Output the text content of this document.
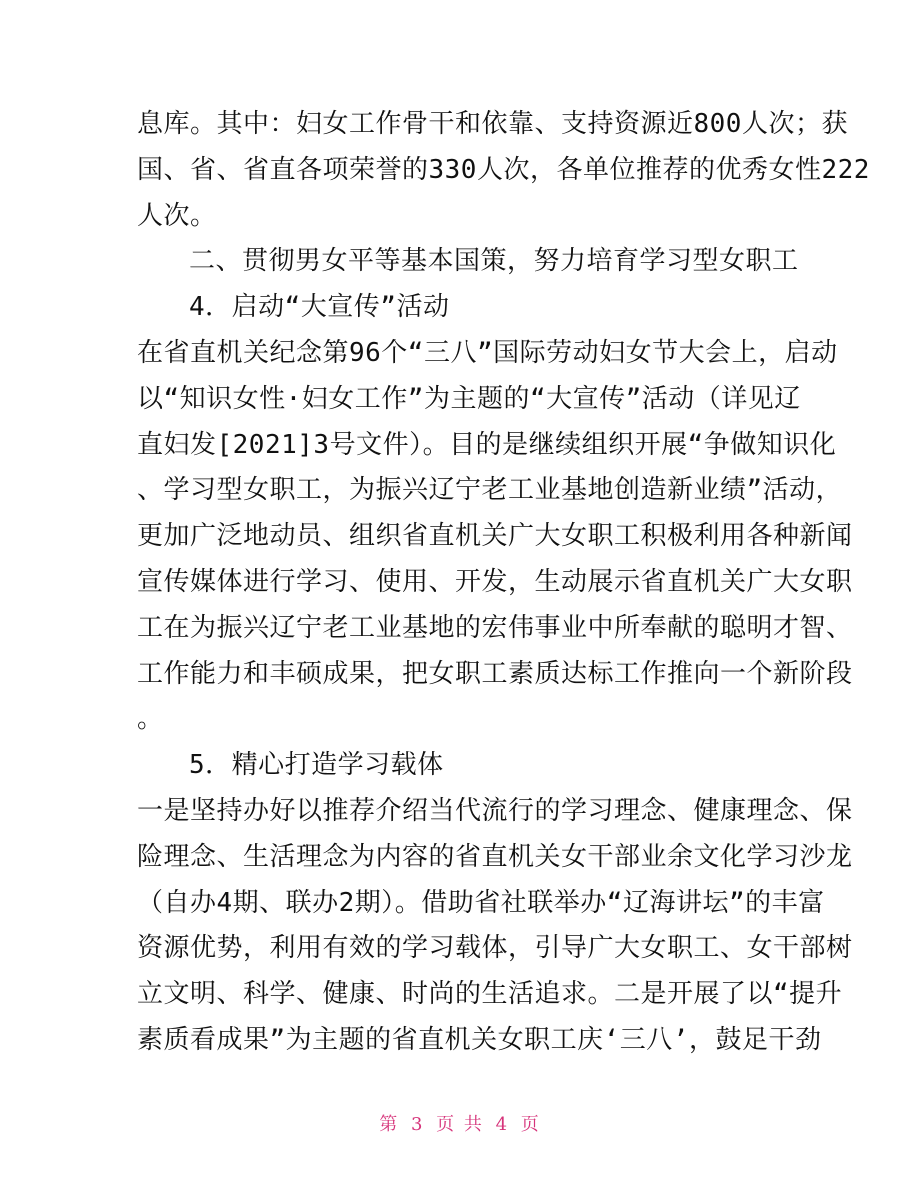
息库。其中：妇女工作骨干和依靠、支持资源近800人次；获
国、省、省直各项荣誉的330人次，各单位推荐的优秀女性222
人次。
二、贯彻男女平等基本国策，努力培育学习型女职工
4．启动“大宣传”活动
在省直机关纪念第96个“三八”国际劳动妇女节大会上，启动
以“知识女性·妇女工作”为主题的“大宣传”活动（详见辽
直妇发[2021]3号文件）。目的是继续组织开展“争做知识化
、学习型女职工，为振兴辽宁老工业基地创造新业绩”活动，
更加广泛地动员、组织省直机关广大女职工积极利用各种新闻
宣传媒体进行学习、使用、开发，生动展示省直机关广大女职
工在为振兴辽宁老工业基地的宏伟事业中所奉献的聪明才智、
工作能力和丰硕成果，把女职工素质达标工作推向一个新阶段
。
5．精心打造学习载体
一是坚持办好以推荐介绍当代流行的学习理念、健康理念、保
险理念、生活理念为内容的省直机关女干部业余文化学习沙龙
（自办4期、联办2期）。借助省社联举办“辽海讲坛”的丰富
资源优势，利用有效的学习载体，引导广大女职工、女干部树
立文明、科学、健康、时尚的生活追求。二是开展了以“提升
素质看成果”为主题的省直机关女职工庆‘三八’，鼓足干劲
第 3 页 共 4 页
